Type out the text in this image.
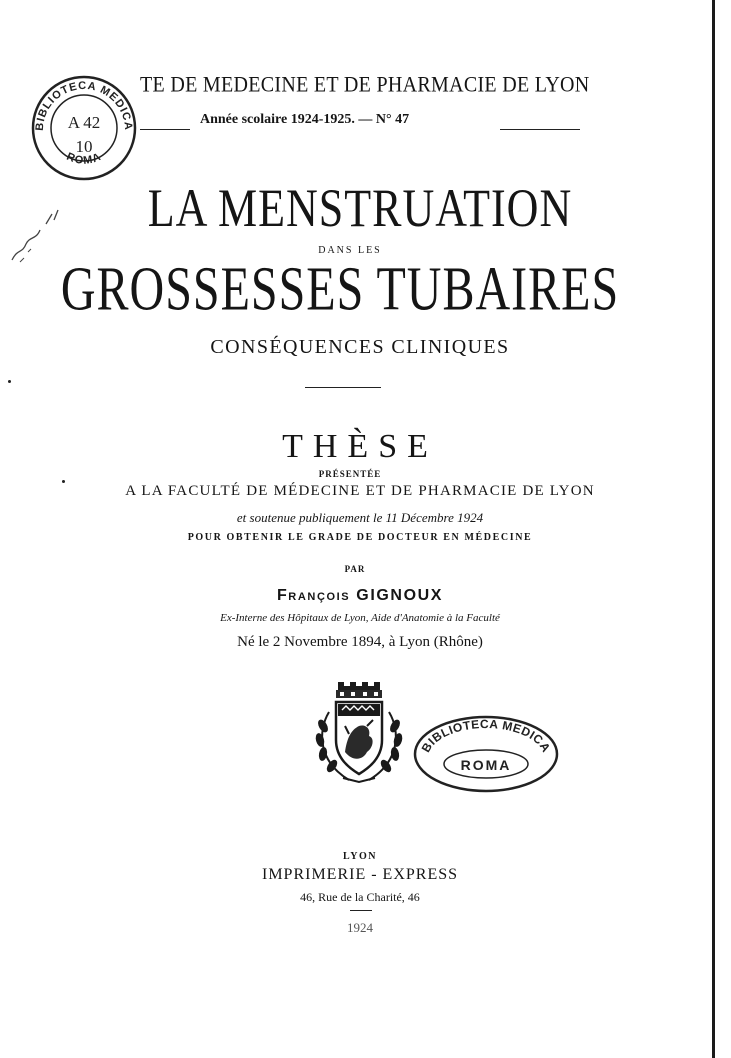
BIBLIOTECA MEDICA
ROMA
A 42
10
TE DE MEDECINE ET DE PHARMACIE DE LYON
Année scolaire 1924-1925. — N° 47
LA MENSTRUATION
DANS LES
GROSSESSES TUBAIRES
CONSÉQUENCES CLINIQUES
THÈSE
PRÉSENTÉE
A LA FACULTÉ DE MÉDECINE ET DE PHARMACIE DE LYON
et soutenue publiquement le 11 Décembre 1924
POUR OBTENIR LE GRADE DE DOCTEUR EN MÉDECINE
PAR
François GIGNOUX
Ex-Interne des Hôpitaux de Lyon, Aide d'Anatomie à la Faculté
Né le 2 Novembre 1894, à Lyon (Rhône)
BIBLIOTECA MEDICA
ROMA
LYON
IMPRIMERIE - EXPRESS
46, Rue de la Charité, 46
1924
